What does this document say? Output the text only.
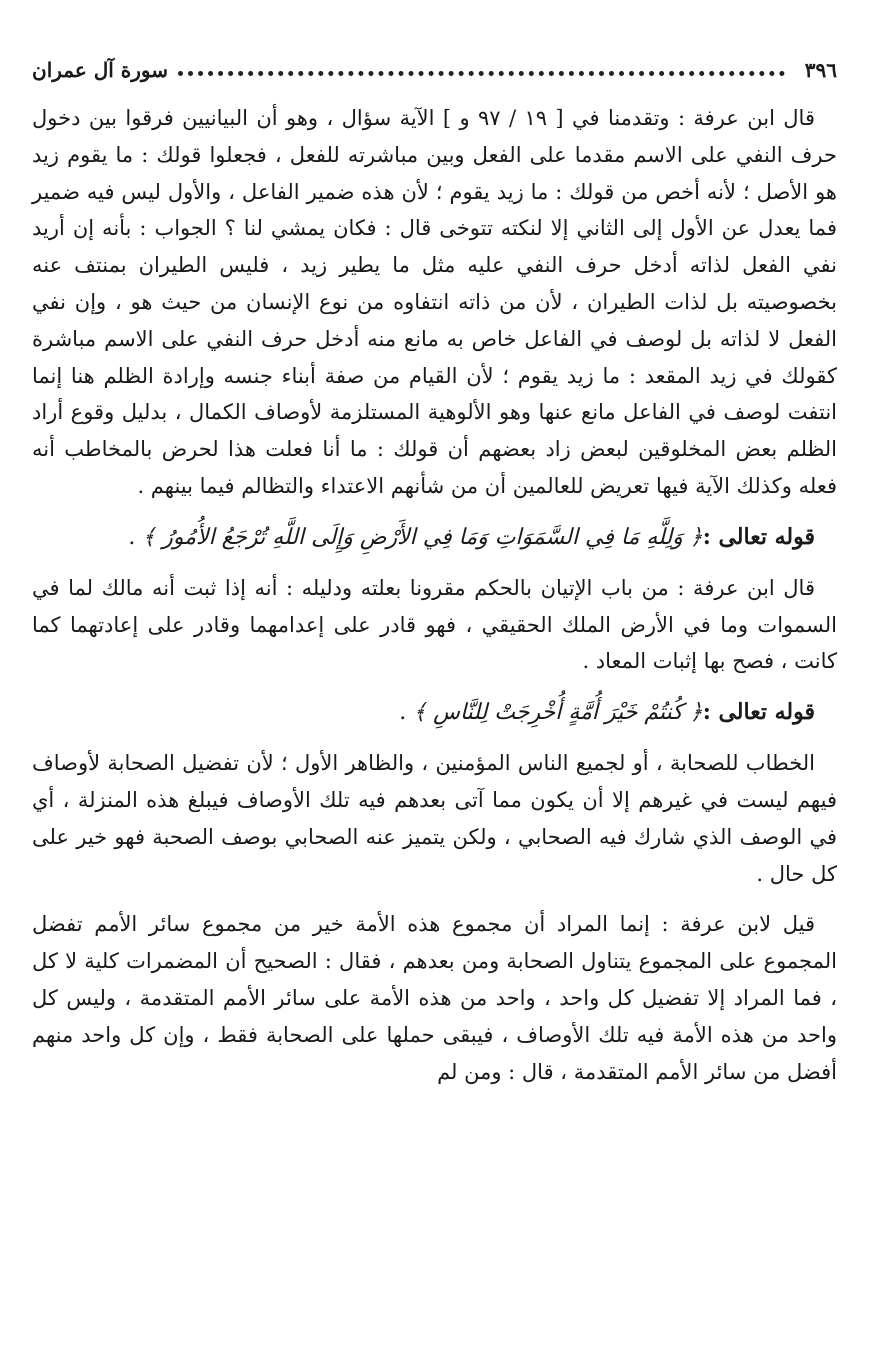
٣٩٦
سورة آل عمران

قال ابن عرفة : وتقدمنا في [ ١٩ / ٩٧ و ] الآية سؤال ، وهو أن البيانيين فرقوا بين دخول حرف النفي على الاسم مقدما على الفعل وبين مباشرته للفعل ، فجعلوا قولك : ما يقوم زيد هو الأصل ؛ لأنه أخص من قولك : ما زيد يقوم ؛ لأن هذه ضمير الفاعل ، والأول ليس فيه ضمير فما يعدل عن الأول إلى الثاني إلا لنكته تتوخى قال : فكان يمشي لنا ؟ الجواب : بأنه إن أريد نفي الفعل لذاته أدخل حرف النفي عليه مثل ما يطير زيد ، فليس الطيران بمنتف عنه بخصوصيته بل لذات الطيران ، لأن من ذاته انتفاوه من نوع الإنسان من حيث هو ، وإن نفي الفعل لا لذاته بل لوصف في الفاعل خاص به مانع منه أدخل حرف النفي على الاسم مباشرة كقولك في زيد المقعد : ما زيد يقوم ؛ لأن القيام من صفة أبناء جنسه وإرادة الظلم هنا إنما انتفت لوصف في الفاعل مانع عنها وهو الألوهية المستلزمة لأوصاف الكمال ، بدليل وقوع أراد الظلم بعض المخلوقين لبعض زاد بعضهم أن قولك : ما أنا فعلت هذا لحرض بالمخاطب أنه فعله وكذلك الآية فيها تعريض للعالمين أن من شأنهم الاعتداء والتظالم فيما بينهم .

قوله تعالى :﴿ وَلِلَّهِ مَا فِي السَّمَوَاتِ وَمَا فِي الأَرْضِ وَإِلَى اللَّهِ تُرْجَعُ الأُمُورُ ﴾ .

قال ابن عرفة : من باب الإتيان بالحكم مقرونا بعلته ودليله : أنه إذا ثبت أنه مالك لما في السموات وما في الأرض الملك الحقيقي ، فهو قادر على إعدامهما وقادر على إعادتهما كما كانت ، فصح بها إثبات المعاد .

قوله تعالى :﴿ كُنتُمْ خَيْرَ أُمَّةٍ أُخْرِجَتْ لِلنَّاسِ ﴾ .

الخطاب للصحابة ، أو لجميع الناس المؤمنين ، والظاهر الأول ؛ لأن تفضيل الصحابة لأوصاف فيهم ليست في غيرهم إلا أن يكون مما آتى بعدهم فيه تلك الأوصاف فيبلغ هذه المنزلة ، أي في الوصف الذي شارك فيه الصحابي ، ولكن يتميز عنه الصحابي بوصف الصحبة فهو خير على كل حال .

قيل لابن عرفة : إنما المراد أن مجموع هذه الأمة خير من مجموع سائر الأمم تفضل المجموع على المجموع يتناول الصحابة ومن بعدهم ، فقال : الصحيح أن المضمرات كلية لا كل ، فما المراد إلا تفضيل كل واحد ، واحد من هذه الأمة على سائر الأمم المتقدمة ، وليس كل واحد من هذه الأمة فيه تلك الأوصاف ، فيبقى حملها على الصحابة فقط ، وإن كل واحد منهم أفضل من سائر الأمم المتقدمة ، قال : ومن لم
